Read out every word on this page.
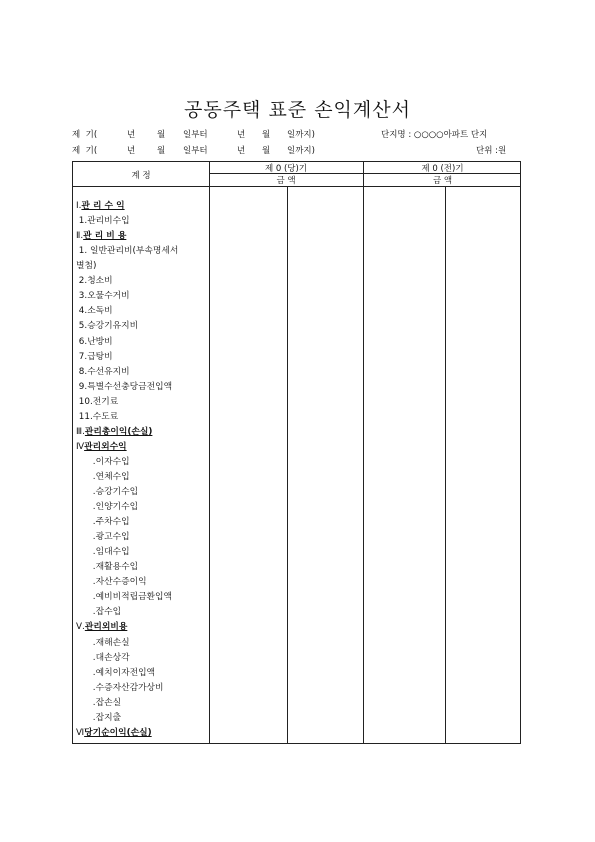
공동주택 표준 손익계산서
제  기(	년	월 일부터	년 월 일까지)	단지명 : ○○○○아파트 단지
제  기(	년	월 일부터	년 월 일까지)	단위 :원
계 정
제 0 (당)기	제 0 (전)기
금 액	금 액
Ⅰ.관 리 수 익
1.관리비수입
Ⅱ.관 리 비 용
1. 일반관리비(부속명세서
별첨)
2.청소비
3.오물수거비
4.소독비
5.승강기유지비
6.난방비
7.급탕비
8.수선유지비
9.특별수선충당금전입액
10.전기료
11.수도료
Ⅲ.관리총이익(손실)
Ⅳ관리외수익
.이자수입
.연체수입
.승강기수입
.인양기수입
.주차수입
.광고수입
.임대수입
.재활용수입
.자산수증이익
.예비비적립금환입액
.잡수입
Ⅴ.관리외비용
.재해손실
.대손상각
.예치이자전입액
.수증자산감가상비
.잡손실
.잡지출
Ⅵ당기순이익(손실)
